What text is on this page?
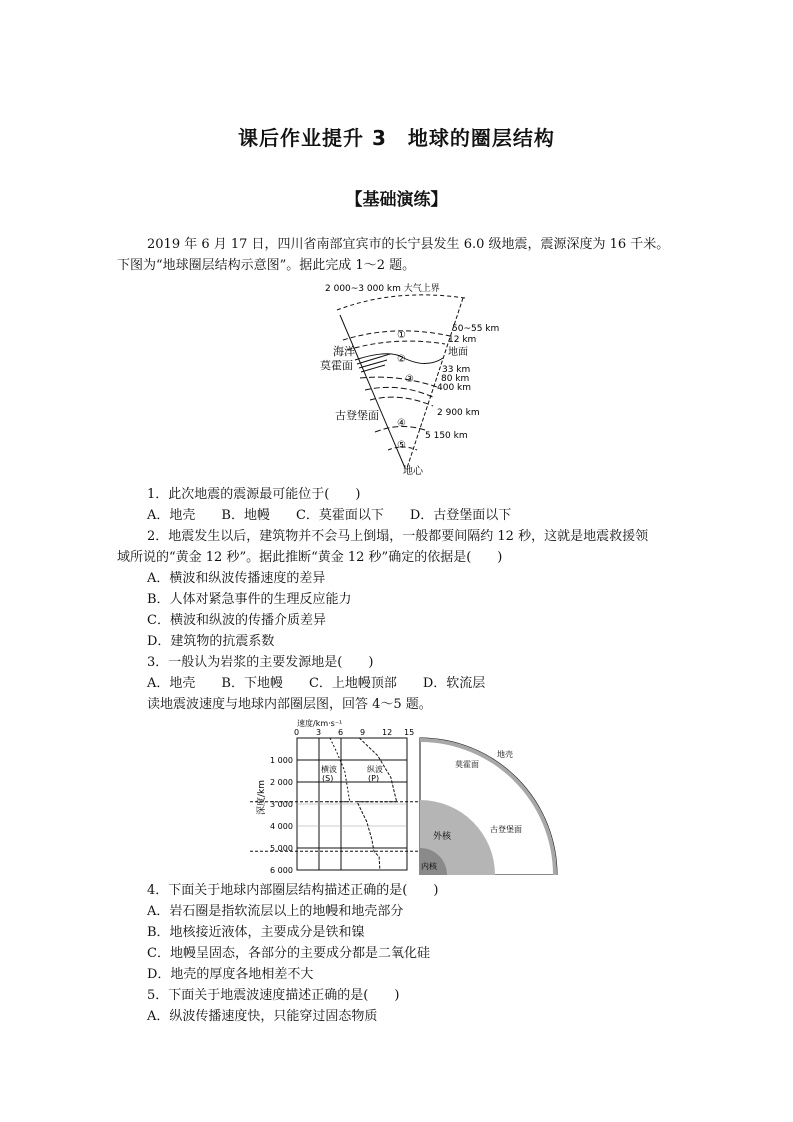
课后作业提升 3　地球的圈层结构
【基础演练】
2019 年 6 月 17 日，四川省南部宜宾市的长宁县发生 6.0 级地震，震源深度为 16 千米。
下图为“地球圈层结构示意图”。据此完成 1～2 题。
2 000~3 000 km 大气上界
50~55 km
12 km
地面
33 km
80 km
400 km
2 900 km
5 150 km
地心
海洋
莫霍面
古登堡面
①
②
③
④
⑤
1．此次地震的震源最可能位于(　　)
A．地壳　　B．地幔　　C．莫霍面以下　　D．古登堡面以下
2．地震发生以后，建筑物并不会马上倒塌，一般都要间隔约 12 秒，这就是地震救援领
域所说的“黄金 12 秒”。据此推断“黄金 12 秒”确定的依据是(　　)
A．横波和纵波传播速度的差异
B．人体对紧急事件的生理反应能力
C．横波和纵波的传播介质差异
D．建筑物的抗震系数
3．一般认为岩浆的主要发源地是(　　)
A．地壳　　B．下地幔　　C．上地幔顶部　　D．软流层
读地震波速度与地球内部圈层图，回答 4～5 题。
4．下面关于地球内部圈层结构描述正确的是(　　)
A．岩石圈是指软流层以上的地幔和地壳部分
B．地核接近液体，主要成分是铁和镍
C．地幔呈固态，各部分的主要成分都是二氧化硅
D．地壳的厚度各地相差不大
5．下面关于地震波速度描述正确的是(　　)
A．纵波传播速度快，只能穿过固态物质
速度/km·s⁻¹
0 3 6 9 12 15
1 000
2 000
3 000
4 000
5 000
6 000
深度/km
横波
(S)
纵波
(P)
地壳
莫霍面
古登堡面
外核
内核
